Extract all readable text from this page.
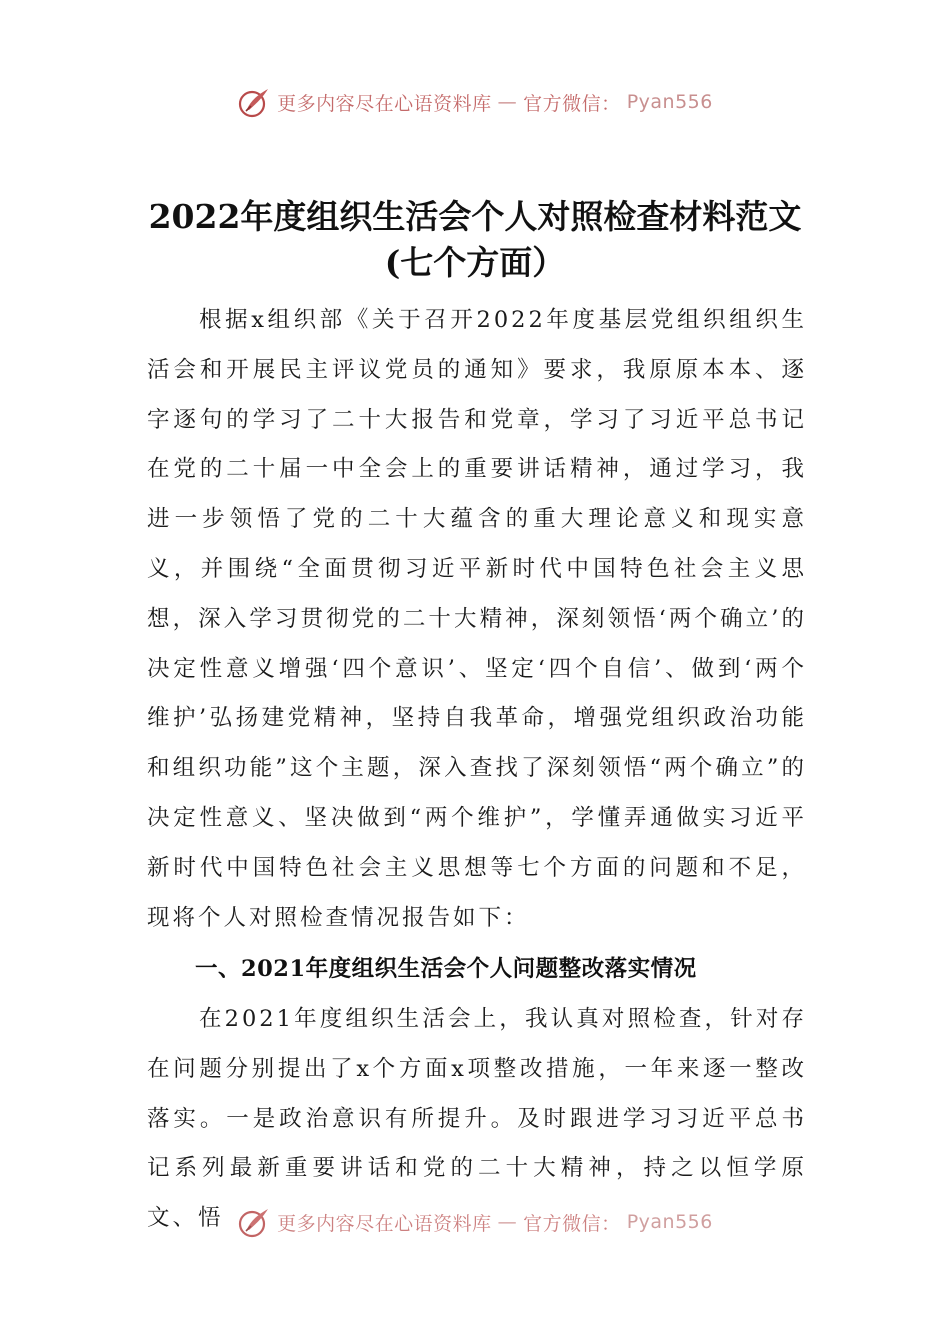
更多内容尽在心语资料库 — 官方微信： Pyan556
2022年度组织生活会个人对照检查材料范文(七个方面）

根据x组织部《关于召开2022年度基层党组织组织生活会和开展民主评议党员的通知》要求，我原原本本、逐字逐句的学习了二十大报告和党章，学习了习近平总书记在党的二十届一中全会上的重要讲话精神，通过学习，我进一步领悟了党的二十大蕴含的重大理论意义和现实意义，并围绕“全面贯彻习近平新时代中国特色社会主义思想，深入学习贯彻党的二十大精神，深刻领悟‘两个确立’的决定性意义增强‘四个意识’、坚定‘四个自信’、做到‘两个维护’弘扬建党精神，坚持自我革命，增强党组织政治功能和组织功能”这个主题，深入查找了深刻领悟“两个确立”的决定性意义、坚决做到“两个维护”，学懂弄通做实习近平新时代中国特色社会主义思想等七个方面的问题和不足，现将个人对照检查情况报告如下：

一、2021年度组织生活会个人问题整改落实情况

在2021年度组织生活会上，我认真对照检查，针对存在问题分别提出了x个方面x项整改措施，一年来逐一整改落实。一是政治意识有所提升。及时跟进学习习近平总书记系列最新重要讲话和党的二十大精神，持之以恒学原文、悟	更多内容尽在心语资料库 — 官方微信： Pyan556
